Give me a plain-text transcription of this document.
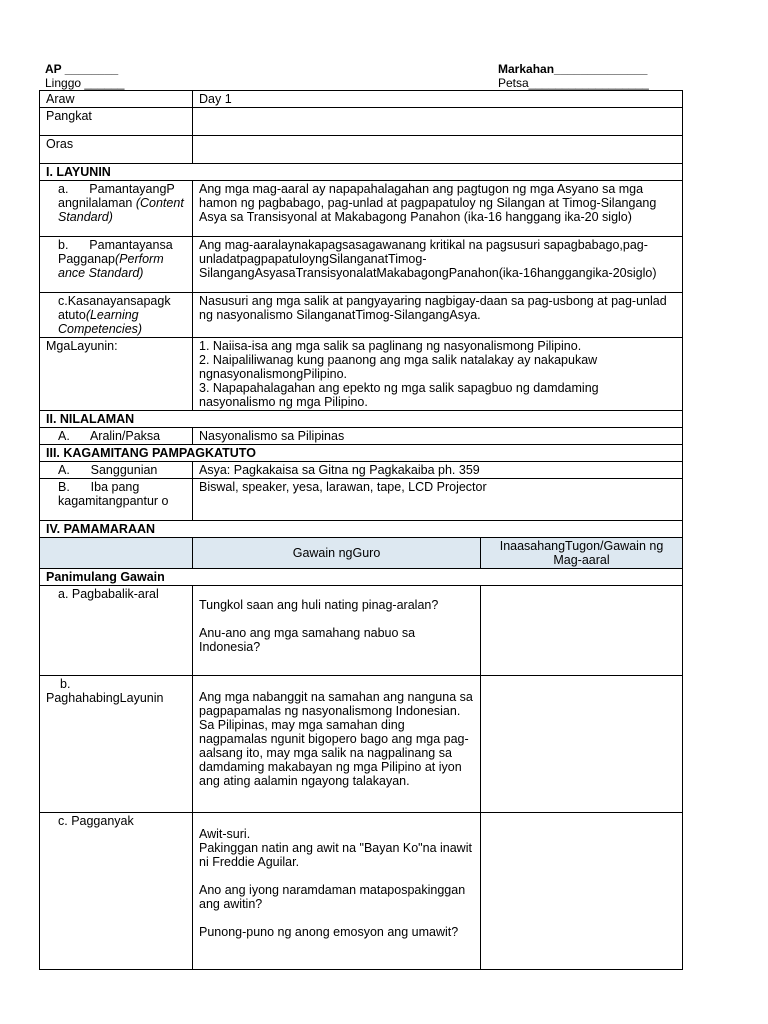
AP ________
Linggo ______
Markahan______________
Petsa__________________
Araw	Day 1	
Pangkat		
Oras		
I. LAYUNIN		
a. PamantayangP angnilalaman (Content Standard)	Ang mga mag-aaral ay napapahalagahan ang pagtugon ng mga Asyano sa mga hamon ng pagbabago, pag-unlad at pagpapatuloy ng Silangan at Timog-Silangang Asya sa Transisyonal at Makabagong Panahon (ika-16 hanggang ika-20 siglo)	
b. Pamantayansa Pagganap(Perform ance Standard)	Ang mag-aaralaynakapagsasagawanang kritikal na pagsusuri sapagbabago,pag-unladatpagpapatuloyngSilanganatTimog-SilangangAsyasaTransisyonalatMakabagongPanahon(ika-16hanggangika-20siglo)	
c.Kasanayansapagk atuto(Learning Competencies)	Nasusuri ang mga salik at pangyayaring nagbigay-daan sa pag-usbong at pag-unlad ng nasyonalismo SilanganatTimog-SilangangAsya.	
MgaLayunin:	1. Naiisa-isa ang mga salik sa paglinang ng nasyonalismong Pilipino.
2. Naipaliliwanag kung paanong ang mga salik natalakay ay nakapukaw ngnasyonalismongPilipino.
3. Napapahalagahan ang epekto ng mga salik sapagbuo ng damdaming nasyonalismo ng mga Pilipino.	

II. NILALAMAN		
A.      Aralin/Paksa	Nasyonalismo sa Pilipinas	
III. KAGAMITANG PAMPAGKATUTO		
A.      Sanggunian	Asya: Pagkakaisa sa Gitna ng Pagkakaiba ph. 359	
B.      Iba pang kagamitangpantur o	Biswal, speaker, yesa, larawan, tape, LCD Projector	
IV. PAMAMARAAN		
	Gawain ngGuro	InaasahangTugon/Gawain ng Mag-aaral
Panimulang Gawain		
a. Pagbabalik-aral	Tungkol saan ang huli nating pinag-aralan?
Anu-ano ang mga samahang nabuo sa Indonesia?	

b.
PaghahabingLayunin	Ang mga nabanggit na samahan ang nanguna sa pagpapamalas ng nasyonalismong Indonesian. Sa Pilipinas, may mga samahan ding nagpamalas ngunit bigopero bago ang mga pag-aalsang ito, may mga salik na nagpalinang sa damdaming makabayan ng mga Pilipino at iyon ang ating aalamin ngayong talakayan.	
c. Pagganyak	Awit-suri.
Pakinggan natin ang awit na "Bayan Ko"na inawit ni Freddie Aguilar.
Ano ang iyong naramdaman matapospakinggan ang awitin?
Punong-puno ng anong emosyon ang umawit?	
